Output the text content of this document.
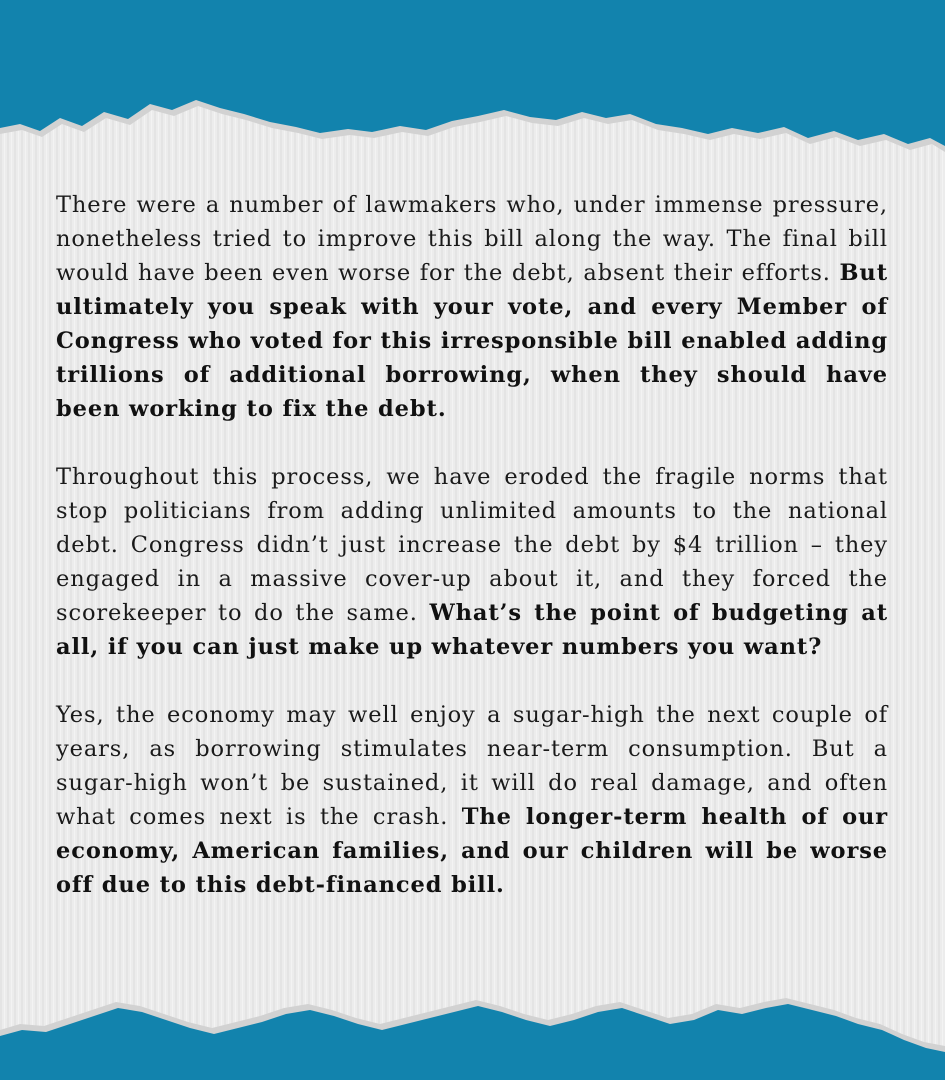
There were a number of lawmakers who, under immense pressure, nonetheless tried to improve this bill along the way. The final bill would have been even worse for the debt, absent their efforts. But ultimately you speak with your vote, and every Member of Congress who voted for this irresponsible bill enabled adding trillions of additional borrowing, when they should have been working to fix the debt.

Throughout this process, we have eroded the fragile norms that stop politicians from adding unlimited amounts to the national debt. Congress didn’t just increase the debt by $4 trillion – they engaged in a massive cover-up about it, and they forced the scorekeeper to do the same. What’s the point of budgeting at all, if you can just make up whatever numbers you want?

Yes, the economy may well enjoy a sugar-high the next couple of years, as borrowing stimulates near-term consumption. But a sugar-high won’t be sustained, it will do real damage, and often what comes next is the crash. The longer-term health of our economy, American families, and our children will be worse off due to this debt-financed bill.
